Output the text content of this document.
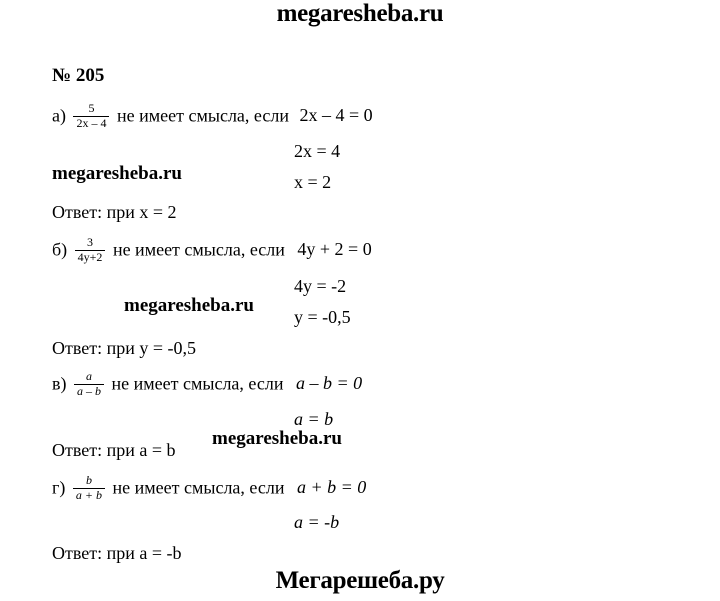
megaresheba.ru
№ 205
$а) \frac{5}{2х - 4}$ не имеет смысла, если 2х – 4 = 0
2х = 4
х = 2
Ответ: при х = 2
$б) \frac{3}{4у+2}$ не имеет смысла, если 4у + 2 = 0
4у = -2
у = -0,5
Ответ: при у = -0,5
$в) \frac{a}{a - b}$ не имеет смысла, если a – b = 0
a = b
Ответ: при a = b
$г) \frac{b}{a + b}$ не имеет смысла, если a + b = 0
a = -b
Ответ: при a = -b
megaresheba.ru
megaresheba.ru
megaresheba.ru
Мегарешеба.ру
